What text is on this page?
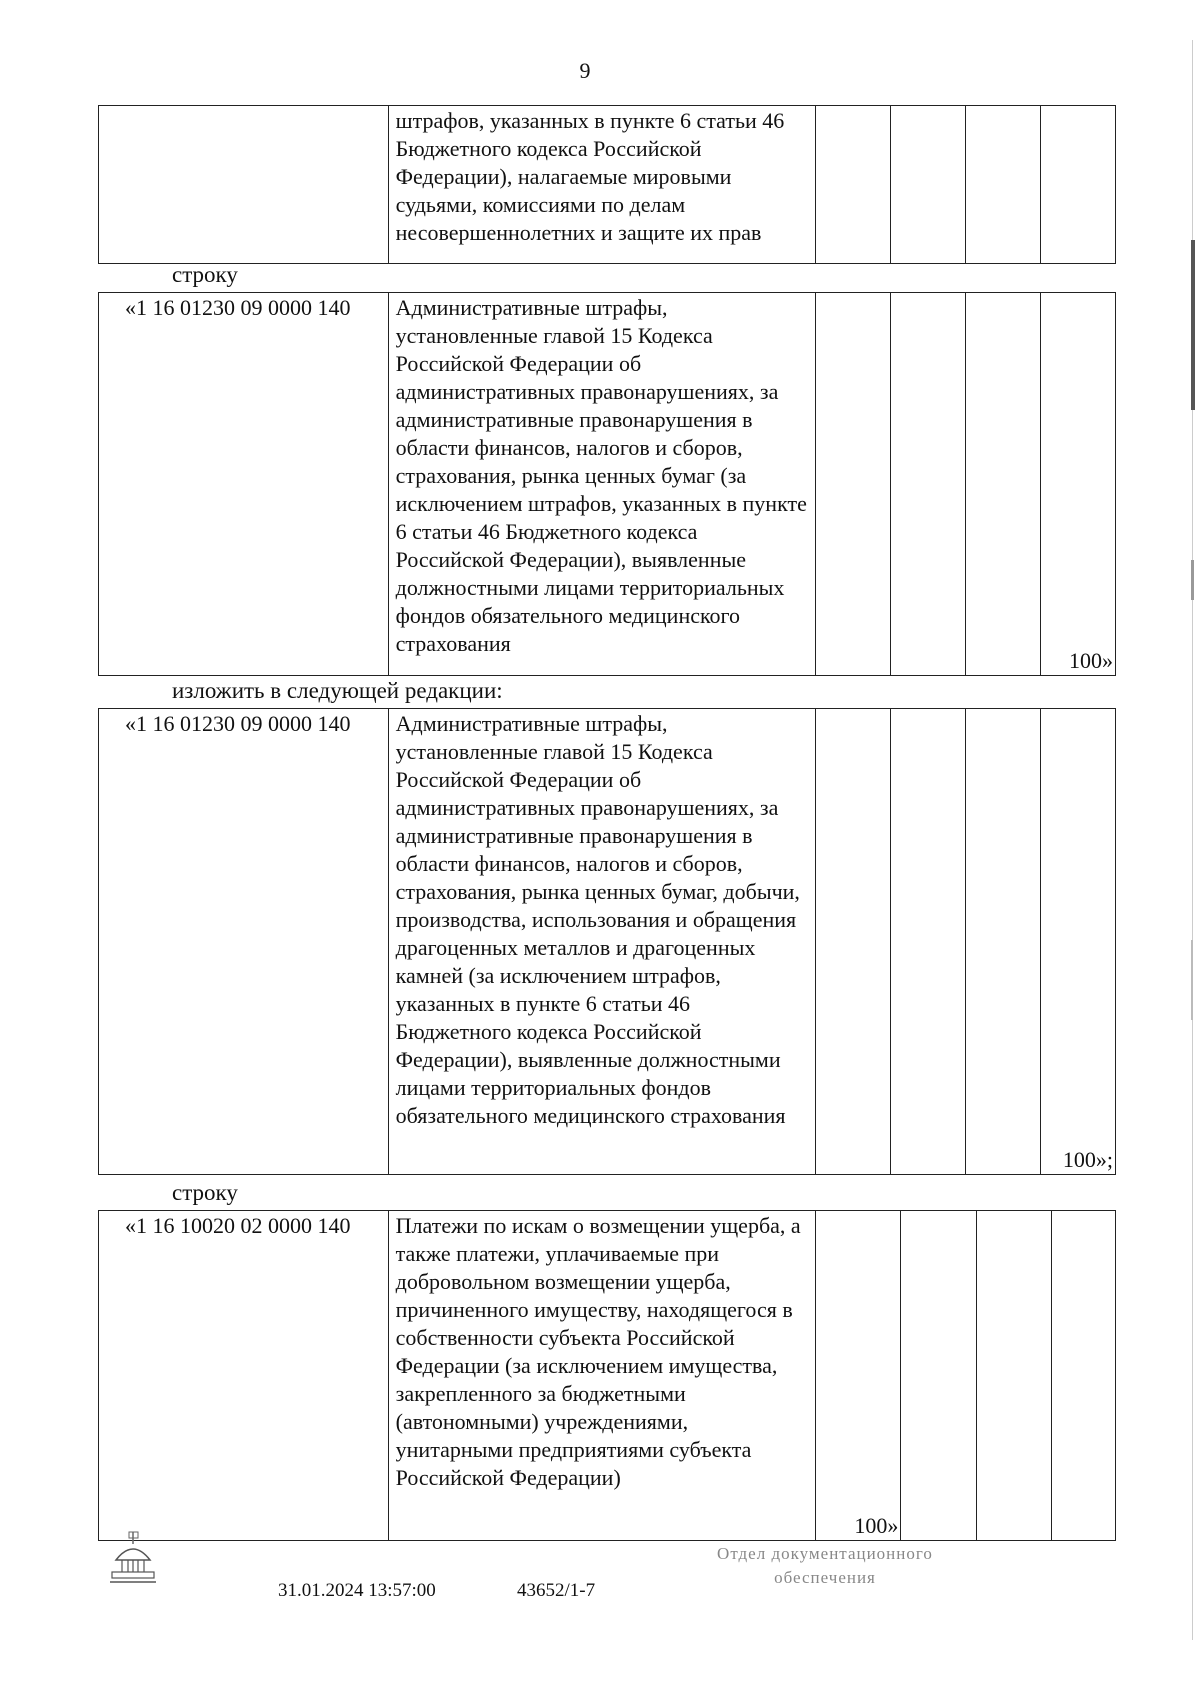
9
	штрафов, указанных в пункте 6 статьи 46 Бюджетного кодекса Российской Федерации), налагаемые мировыми судьями, комиссиями по делам несовершеннолетних и защите их прав				
строку
«1 16 01230 09 0000 140	Административные штрафы, установленные главой 15 Кодекса Российской Федерации об административных правонарушениях, за административные правонарушения в области финансов, налогов и сборов, страхования, рынка ценных бумаг (за исключением штрафов, указанных в пункте 6 статьи 46 Бюджетного кодекса Российской Федерации), выявленные должностными лицами территориальных фондов обязательного медицинского страхования				100»
изложить в следующей редакции:
«1 16 01230 09 0000 140	Административные штрафы, установленные главой 15 Кодекса Российской Федерации об административных правонарушениях, за административные правонарушения в области финансов, налогов и сборов, страхования, рынка ценных бумаг, добычи, производства, использования и обращения драгоценных металлов и драгоценных камней (за исключением штрафов, указанных в пункте 6 статьи 46 Бюджетного кодекса Российской Федерации), выявленные должностными лицами территориальных фондов обязательного медицинского страхования				100»;
строку
«1 16 10020 02 0000 140	Платежи по искам о возмещении ущерба, а также платежи, уплачиваемые при добровольном возмещении ущерба, причиненного имуществу, находящегося в собственности субъекта Российской Федерации (за исключением имущества, закрепленного за бюджетными (автономными) учреждениями, унитарными предприятиями субъекта Российской Федерации)	100»			
31.01.2024 13:57:00	43652/1-7
Отдел документационного
обеспечения
